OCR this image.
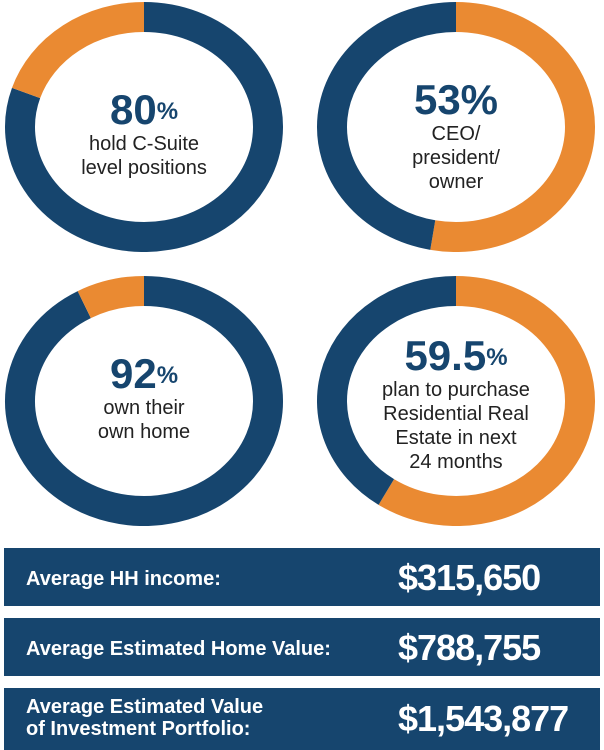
80%
hold C-Suite
level positions
53%
CEO/
president/
owner
92%
own their
own home
59.5%
plan to purchase
Residential Real
Estate in next
24 months
Average HH income:	$315,650
Average Estimated Home Value: $788,755
Average Estimated Value
of Investment Portfolio:	$1,543,877
